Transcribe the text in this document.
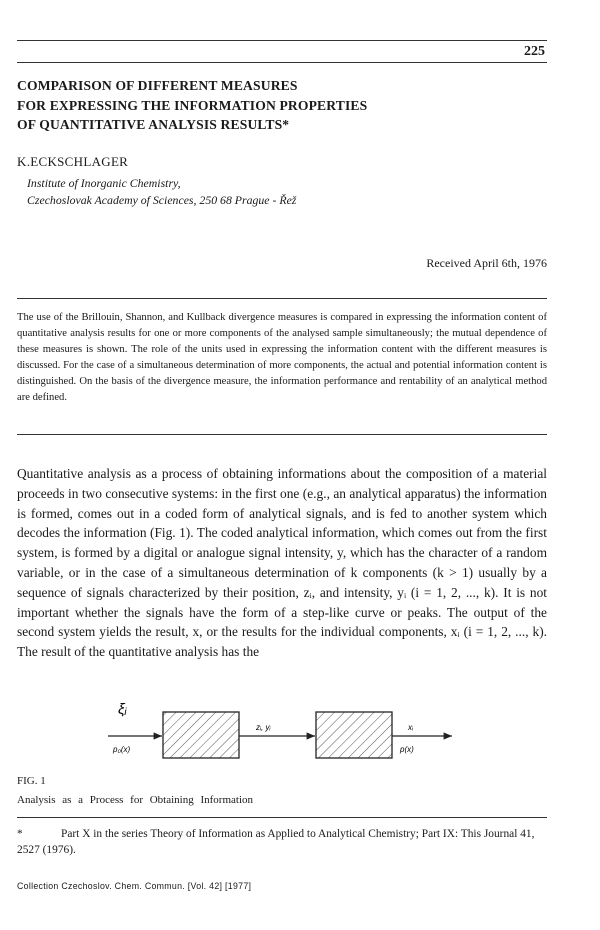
225
COMPARISON OF DIFFERENT MEASURES
FOR EXPRESSING THE INFORMATION PROPERTIES
OF QUANTITATIVE ANALYSIS RESULTS*
K.ECKSCHLAGER
Institute of Inorganic Chemistry,
Czechoslovak Academy of Sciences, 250 68 Prague - Řež
Received April 6th, 1976

The use of the Brillouin, Shannon, and Kullback divergence measures is compared in expressing the information content of quantitative analysis results for one or more components of the analysed sample simultaneously; the mutual dependence of these measures is shown. The role of the units used in expressing the information content with the different measures is discussed. For the case of a simultaneous determination of more components, the actual and potential information content is distinguished. On the basis of the divergence measure, the information performance and rentability of an analytical method are defined.

Quantitative analysis as a process of obtaining informations about the composition of a material proceeds in two consecutive systems: in the first one (e.g., an analytical apparatus) the information is formed, comes out in a coded form of analytical signals, and is fed to another system which decodes the information (Fig. 1). The coded analytical information, which comes out from the first system, is formed by a digital or analogue signal intensity, y, which has the character of a random variable, or in the case of a simultaneous determination of k components (k > 1) usually by a sequence of signals characterized by their position, zᵢ, and intensity, yᵢ (i = 1, 2, ..., k). It is not important whether the signals have the form of a step-like curve or peaks. The output of the second system yields the result, x, or the results for the individual components, xᵢ (i = 1, 2, ..., k). The result of the quantitative analysis has the

ξᵢ
p₀(x)
zᵢ, yᵢ	xᵢ
p(x)
FIG. 1
Analysis as a Process for Obtaining Information

*	Part X in the series Theory of Information as Applied to Analytical Chemistry; Part IX: This Journal 41, 2527 (1976).

Collection Czechoslov. Chem. Commun. [Vol. 42] [1977]
